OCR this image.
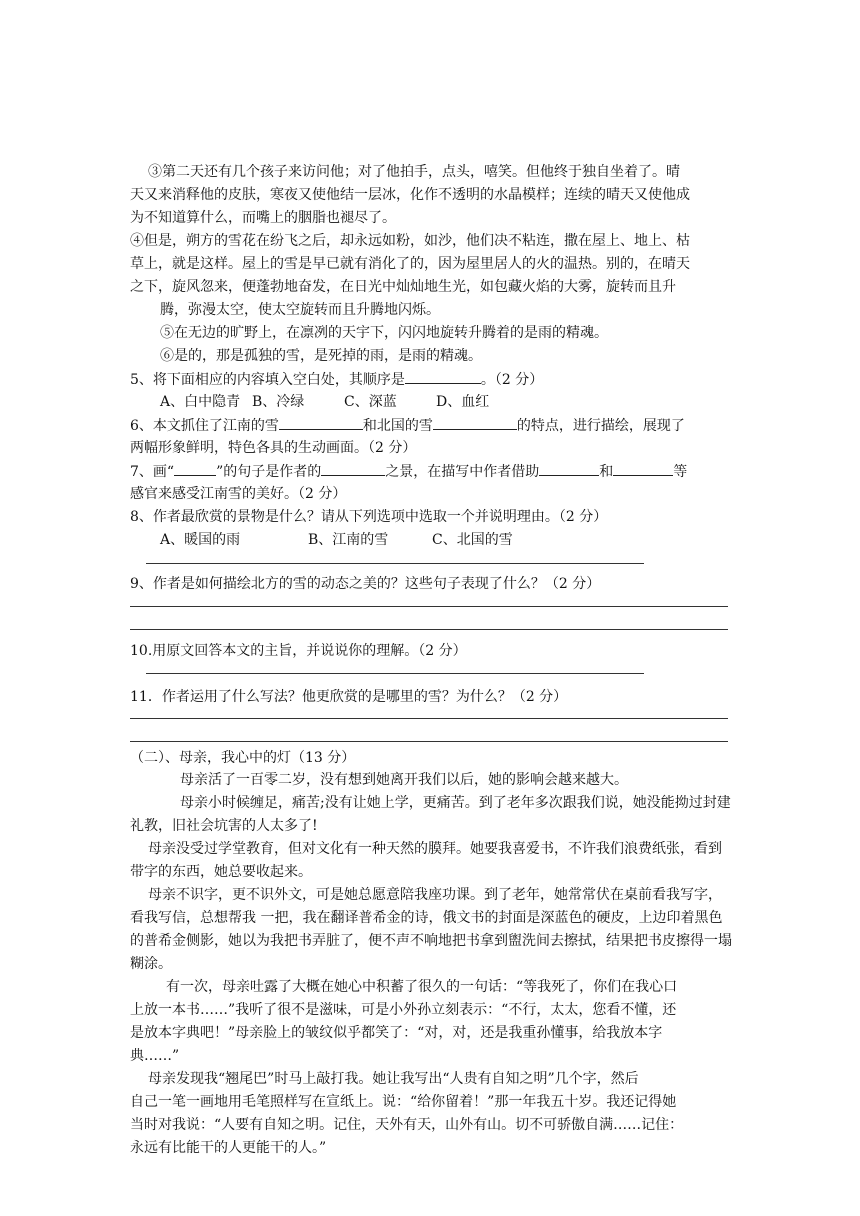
③第二天还有几个孩子来访问他；对了他拍手，点头，嘻笑。但他终于独自坐着了。晴
天又来消释他的皮肤，寒夜又使他结一层冰，化作不透明的水晶模样；连续的晴天又使他成
为不知道算什么，而嘴上的胭脂也褪尽了。
④但是，朔方的雪花在纷飞之后，却永远如粉，如沙，他们决不粘连，撒在屋上、地上、枯
草上，就是这样。屋上的雪是早已就有消化了的，因为屋里居人的火的温热。别的，在晴天
之下，旋风忽来，便蓬勃地奋发，在日光中灿灿地生光，如包藏火焰的大雾，旋转而且升
腾，弥漫太空，使太空旋转而且升腾地闪烁。
⑤在无边的旷野上，在凛冽的天宇下，闪闪地旋转升腾着的是雨的精魂。
⑥是的，那是孤独的雪，是死掉的雨，是雨的精魂。
5、将下面相应的内容填入空白处，其顺序是	。（2 分）
A、白中隐青 B、冷绿	C、深蓝	D、血红
6、本文抓住了江南的雪	和北国的雪	的特点，进行描绘，展现了
两幅形象鲜明，特色各具的生动画面。（2 分）
7、画“	”的句子是作者的	之景，在描写中作者借助	和	等
感官来感受江南雪的美好。（2 分）
8、作者最欣赏的景物是什么？请从下列选项中选取一个并说明理由。（2 分）
A、暖国的雨	B、江南的雪	C、北国的雪
9、作者是如何描绘北方的雪的动态之美的？这些句子表现了什么？（2 分）
10.用原文回答本文的主旨，并说说你的理解。（2 分）
11．作者运用了什么写法？他更欣赏的是哪里的雪？为什么？（2 分）
（二）、母亲，我心中的灯（13 分）
母亲活了一百零二岁，没有想到她离开我们以后，她的影响会越来越大。
母亲小时候缠足，痛苦;没有让她上学，更痛苦。到了老年多次跟我们说，她没能拗过封建
礼教，旧社会坑害的人太多了!
母亲没受过学堂教育，但对文化有一种天然的膜拜。她要我喜爱书，不许我们浪费纸张，看到
带字的东西，她总要收起来。
母亲不识字，更不识外文，可是她总愿意陪我座功课。到了老年，她常常伏在桌前看我写字，
看我写信，总想帮我 一把，我在翻译普希金的诗，俄文书的封面是深蓝色的硬皮，上边印着黑色
的普希金侧影，她以为我把书弄脏了，便不声不响地把书拿到盥洗间去擦拭，结果把书皮擦得一塌
糊涂。
有一次，母亲吐露了大概在她心中积蓄了很久的一句话：“等我死了，你们在我心口
上放一本书……”我听了很不是滋味，可是小外孙立刻表示：“不行，太太，您看不懂，还
是放本字典吧！”母亲脸上的皱纹似乎都笑了：“对，对，还是我重孙懂事，给我放本字
典……”
母亲发现我“翘尾巴”时马上敲打我。她让我写出“人贵有自知之明”几个字，然后
自己一笔一画地用毛笔照样写在宣纸上。说：“给你留着！”那一年我五十岁。我还记得她
当时对我说：“人要有自知之明。记住，天外有天，山外有山。切不可骄傲自满……记住：
永远有比能干的人更能干的人。”
